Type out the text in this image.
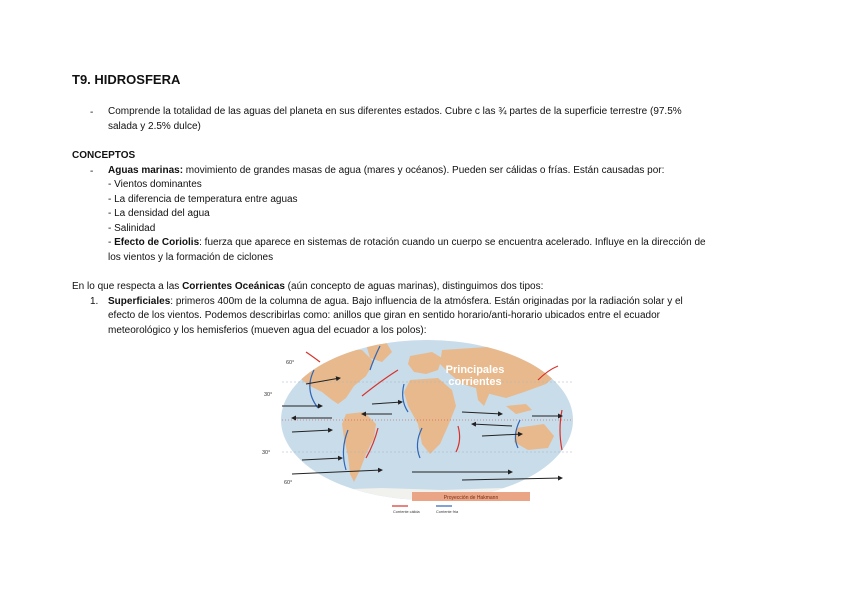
T9. HIDROSFERA
- Comprende la totalidad de las aguas del planeta en sus diferentes estados. Cubre c las ¾ partes de la superficie terrestre (97.5%
salada y 2.5% dulce)
CONCEPTOS
- Aguas marinas: movimiento de grandes masas de agua (mares y océanos). Pueden ser cálidas o frías. Están causadas por:
- Vientos dominantes
- La diferencia de temperatura entre aguas
- La densidad del agua
- Salinidad
- Efecto de Coriolis: fuerza que aparece en sistemas de rotación cuando un cuerpo se encuentra acelerado. Influye en la dirección de
los vientos y la formación de ciclones
En lo que respecta a las Corrientes Oceánicas (aún concepto de aguas marinas), distinguimos dos tipos:
1. Superficiales: primeros 400m de la columna de agua. Bajo influencia de la atmósfera. Están originadas por la radiación solar y el
efecto de los vientos. Podemos describirlas como: anillos que giran en sentido horario/anti-horario ubicados entre el ecuador
meteorológico y los hemisferios (mueven agua del ecuador a los polos):
60°
30°
30°
60°
Principales
corrientes
Proyección de Hakmann
Corriente cálida	Corriente fría
